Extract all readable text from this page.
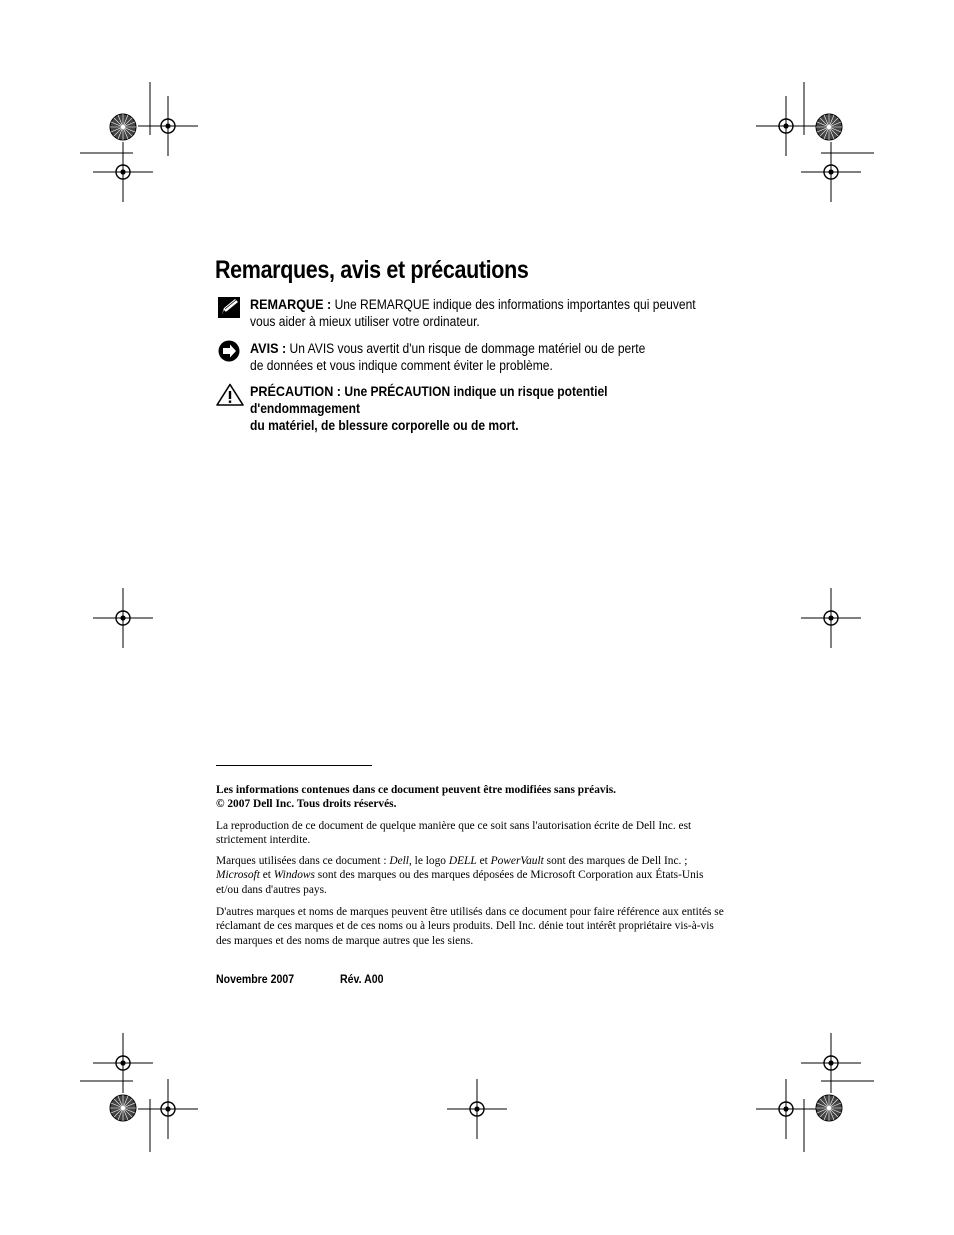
Remarques, avis et précautions
REMARQUE : Une REMARQUE indique des informations importantes qui peuvent
vous aider à mieux utiliser votre ordinateur.
AVIS : Un AVIS vous avertit d'un risque de dommage matériel ou de perte
de données et vous indique comment éviter le problème.
PRÉCAUTION : Une PRÉCAUTION indique un risque potentiel d'endommagement
du matériel, de blessure corporelle ou de mort.
Les informations contenues dans ce document peuvent être modifiées sans préavis.
© 2007 Dell Inc. Tous droits réservés.
La reproduction de ce document de quelque manière que ce soit sans l'autorisation écrite de Dell Inc. est strictement interdite.
Marques utilisées dans ce document : Dell, le logo DELL et PowerVault sont des marques de Dell Inc. ; Microsoft et Windows sont des marques ou des marques déposées de Microsoft Corporation aux États-Unis et/ou dans d'autres pays.
D'autres marques et noms de marques peuvent être utilisés dans ce document pour faire référence aux entités se réclamant de ces marques et de ces noms ou à leurs produits. Dell Inc. dénie tout intérêt propriétaire vis-à-vis des marques et des noms de marque autres que les siens.
Novembre 2007	Rév. A00
